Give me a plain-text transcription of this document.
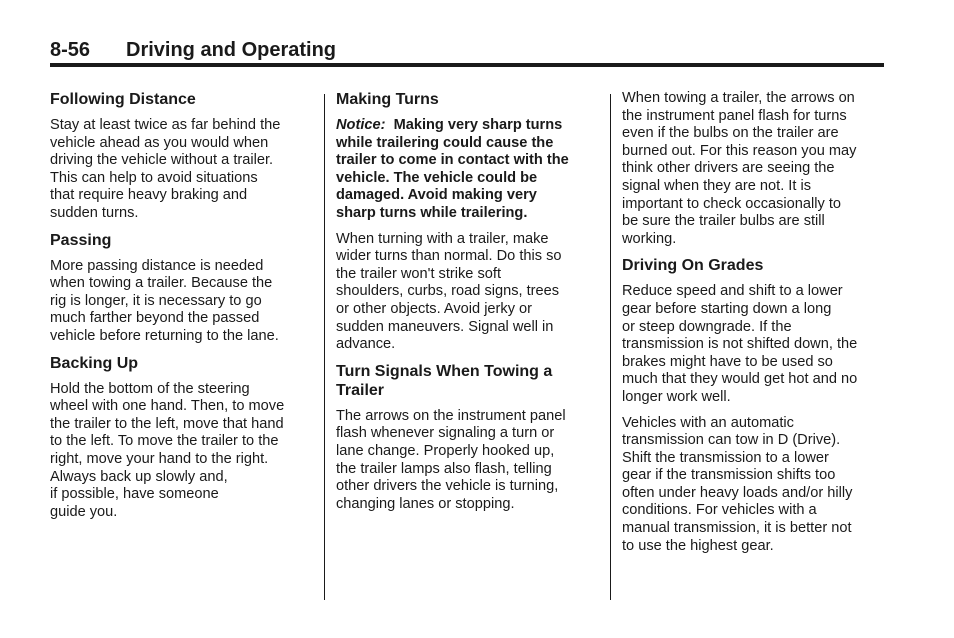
8-56 Driving and Operating
Following Distance

Stay at least twice as far behind the
vehicle ahead as you would when
driving the vehicle without a trailer.
This can help to avoid situations
that require heavy braking and
sudden turns.

Passing

More passing distance is needed
when towing a trailer. Because the
rig is longer, it is necessary to go
much farther beyond the passed
vehicle before returning to the lane.

Backing Up

Hold the bottom of the steering
wheel with one hand. Then, to move
the trailer to the left, move that hand
to the left. To move the trailer to the
right, move your hand to the right.
Always back up slowly and,
if possible, have someone
guide you.

Making Turns

Notice: Making very sharp turns
while trailering could cause the
trailer to come in contact with the
vehicle. The vehicle could be
damaged. Avoid making very
sharp turns while trailering.

When turning with a trailer, make
wider turns than normal. Do this so
the trailer won't strike soft
shoulders, curbs, road signs, trees
or other objects. Avoid jerky or
sudden maneuvers. Signal well in
advance.

Turn Signals When Towing a
Trailer

The arrows on the instrument panel
flash whenever signaling a turn or
lane change. Properly hooked up,
the trailer lamps also flash, telling
other drivers the vehicle is turning,
changing lanes or stopping.

When towing a trailer, the arrows on
the instrument panel flash for turns
even if the bulbs on the trailer are
burned out. For this reason you may
think other drivers are seeing the
signal when they are not. It is
important to check occasionally to
be sure the trailer bulbs are still
working.

Driving On Grades

Reduce speed and shift to a lower
gear before starting down a long
or steep downgrade. If the
transmission is not shifted down, the
brakes might have to be used so
much that they would get hot and no
longer work well.

Vehicles with an automatic
transmission can tow in D (Drive).
Shift the transmission to a lower
gear if the transmission shifts too
often under heavy loads and/or hilly
conditions. For vehicles with a
manual transmission, it is better not
to use the highest gear.
